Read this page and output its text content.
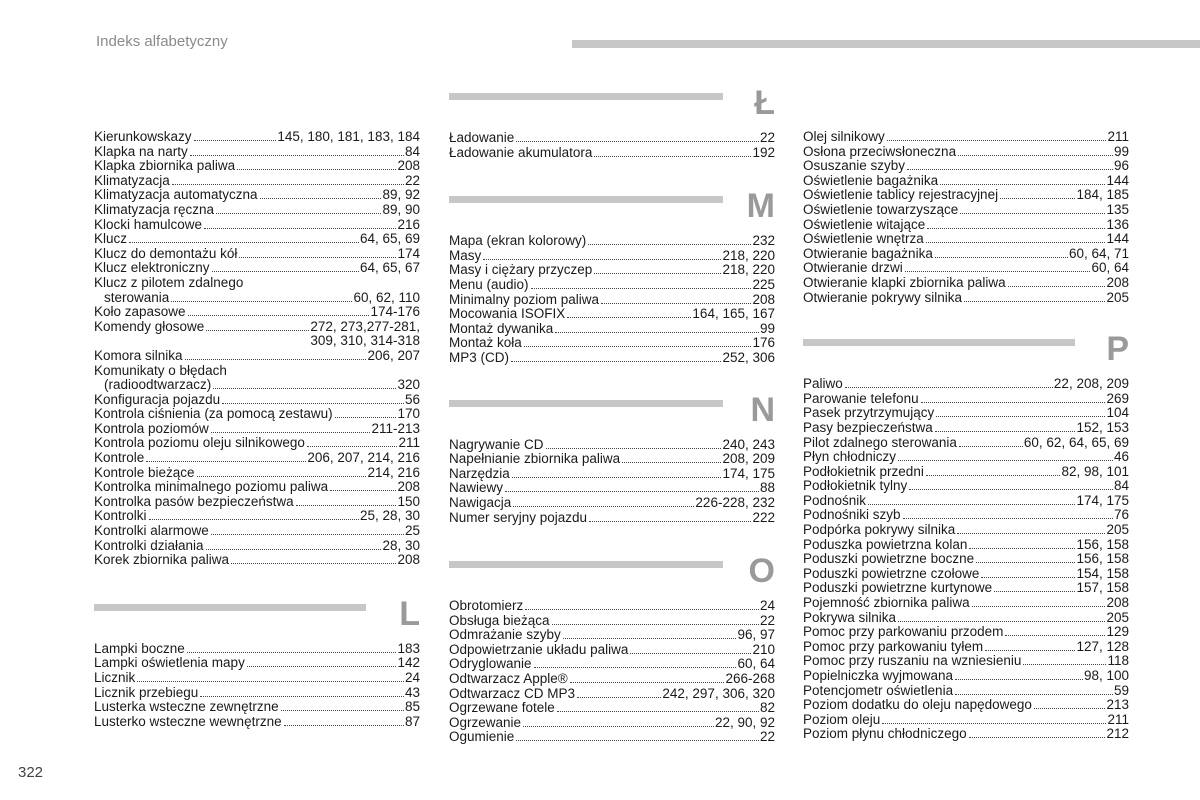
Indeks alfabetyczny
Kierunkowskazy	145, 180, 181, 183, 184
Klapka na narty	84
Klapka zbiornika paliwa	208
Klimatyzacja	22
Klimatyzacja automatyczna	89, 92
Klimatyzacja ręczna	89, 90
Klocki hamulcowe	216
Klucz	64, 65, 69
Klucz do demontażu kół	174
Klucz elektroniczny	64, 65, 67
Klucz z pilotem zdalnego
sterowania	60, 62, 110
Koło zapasowe	174-176
Komendy głosowe	272, 273,277-281,
309, 310, 314-318
Komora silnika	206, 207
Komunikaty o błędach
(radioodtwarzacz)	320
Konfiguracja pojazdu	56
Kontrola ciśnienia (za pomocą zestawu)	170
Kontrola poziomów	211-213
Kontrola poziomu oleju silnikowego	211
Kontrole	206, 207, 214, 216
Kontrole bieżące	214, 216
Kontrolka minimalnego poziomu paliwa	208
Kontrolka pasów bezpieczeństwa	150
Kontrolki	25, 28, 30
Kontrolki alarmowe	25
Kontrolki działania	28, 30
Korek zbiornika paliwa	208
L
Lampki boczne	183
Lampki oświetlenia mapy	142
Licznik	24
Licznik przebiegu	43
Lusterka wsteczne zewnętrzne	85
Lusterko wsteczne wewnętrzne	87
Ł
Ładowanie	22
Ładowanie akumulatora	192
M
Mapa (ekran kolorowy)	232
Masy	218, 220
Masy i ciężary przyczep	218, 220
Menu (audio)	225
Minimalny poziom paliwa	208
Mocowania ISOFIX	164, 165, 167
Montaż dywanika	99
Montaż koła	176
MP3 (CD)	252, 306
N
Nagrywanie CD	240, 243
Napełnianie zbiornika paliwa	208, 209
Narzędzia	174, 175
Nawiewy	88
Nawigacja	226-228, 232
Numer seryjny pojazdu	222
O
Obrotomierz	24
Obsługa bieżąca	22
Odmrażanie szyby	96, 97
Odpowietrzanie układu paliwa	210
Odryglowanie	60, 64
Odtwarzacz Apple®	266-268
Odtwarzacz CD MP3	242, 297, 306, 320
Ogrzewane fotele	82
Ogrzewanie	22, 90, 92
Ogumienie	22
Olej silnikowy	211
Osłona przeciwsłoneczna	99
Osuszanie szyby	96
Oświetlenie bagażnika	144
Oświetlenie tablicy rejestracyjnej	184, 185
Oświetlenie towarzyszące	135
Oświetlenie witające	136
Oświetlenie wnętrza	144
Otwieranie bagażnika	60, 64, 71
Otwieranie drzwi	60, 64
Otwieranie klapki zbiornika paliwa	208
Otwieranie pokrywy silnika	205
P
Paliwo	22, 208, 209
Parowanie telefonu	269
Pasek przytrzymujący	104
Pasy bezpieczeństwa	152, 153
Pilot zdalnego sterowania	60, 62, 64, 65, 69
Płyn chłodniczy	46
Podłokietnik przedni	82, 98, 101
Podłokietnik tylny	84
Podnośnik	174, 175
Podnośniki szyb	76
Podpórka pokrywy silnika	205
Poduszka powietrzna kolan	156, 158
Poduszki powietrzne boczne	156, 158
Poduszki powietrzne czołowe	154, 158
Poduszki powietrzne kurtynowe	157, 158
Pojemność zbiornika paliwa	208
Pokrywa silnika	205
Pomoc przy parkowaniu przodem	129
Pomoc przy parkowaniu tyłem	127, 128
Pomoc przy ruszaniu na wzniesieniu	118
Popielniczka wyjmowana	98, 100
Potencjometr oświetlenia	59
Poziom dodatku do oleju napędowego	213
Poziom oleju	211
Poziom płynu chłodniczego	212
322
